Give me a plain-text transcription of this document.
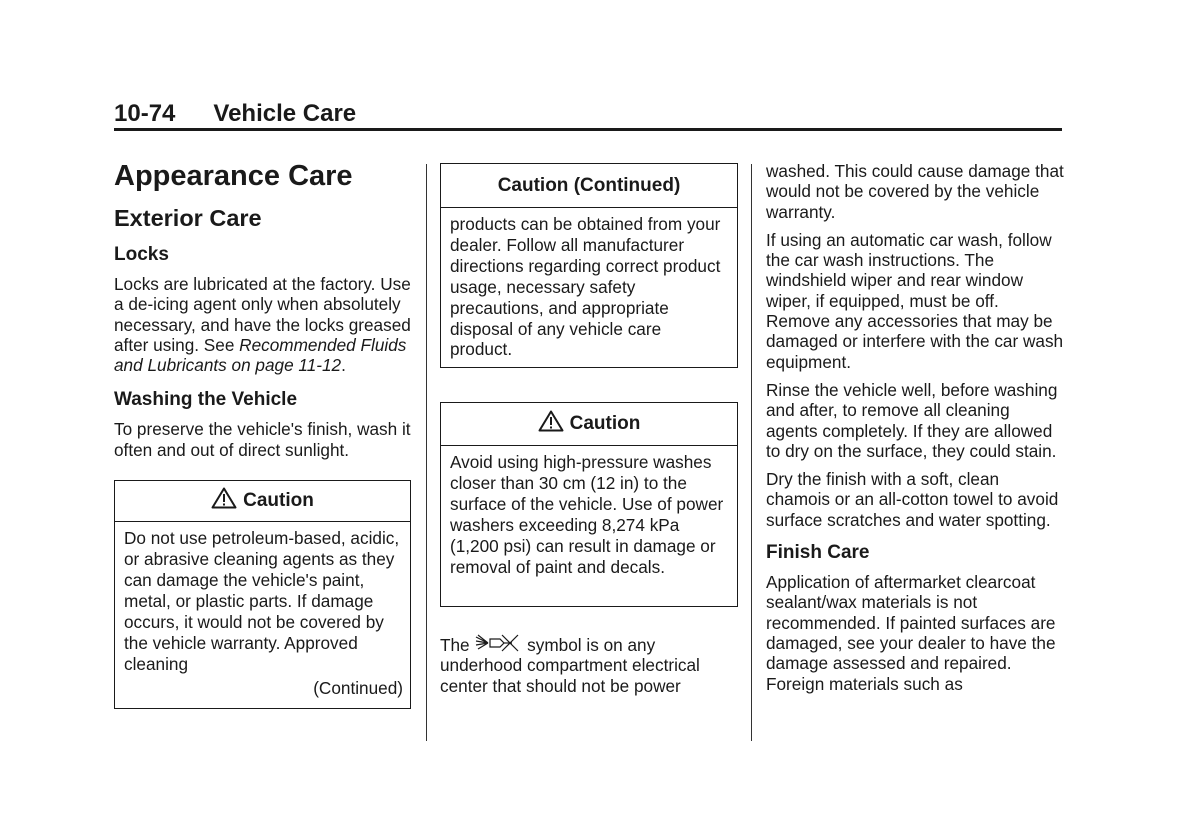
10-74 Vehicle Care
Appearance Care
Exterior Care
Locks

Locks are lubricated at the factory. Use a de-icing agent only when absolutely necessary, and have the locks greased after using. See Recommended Fluids and Lubricants on page 11-12.

Washing the Vehicle

To preserve the vehicle's finish, wash it often and out of direct sunlight.

Caution
Do not use petroleum-based, acidic, or abrasive cleaning agents as they can damage the vehicle's paint, metal, or plastic parts. If damage occurs, it would not be covered by the vehicle warranty. Approved cleaning
(Continued)
Caution (Continued)
products can be obtained from your dealer. Follow all manufacturer directions regarding correct product usage, necessary safety precautions, and appropriate disposal of any vehicle care product.
Caution
Avoid using high-pressure washes closer than 30 cm (12 in) to the surface of the vehicle. Use of power washers exceeding 8,274 kPa (1,200 psi) can result in damage or removal of paint and decals.

The	symbol is on any underhood compartment electrical center that should not be power

washed. This could cause damage that would not be covered by the vehicle warranty.

If using an automatic car wash, follow the car wash instructions. The windshield wiper and rear window wiper, if equipped, must be off. Remove any accessories that may be damaged or interfere with the car wash equipment.

Rinse the vehicle well, before washing and after, to remove all cleaning agents completely. If they are allowed to dry on the surface, they could stain.

Dry the finish with a soft, clean chamois or an all-cotton towel to avoid surface scratches and water spotting.

Finish Care

Application of aftermarket clearcoat sealant/wax materials is not recommended. If painted surfaces are damaged, see your dealer to have the damage assessed and repaired. Foreign materials such as
